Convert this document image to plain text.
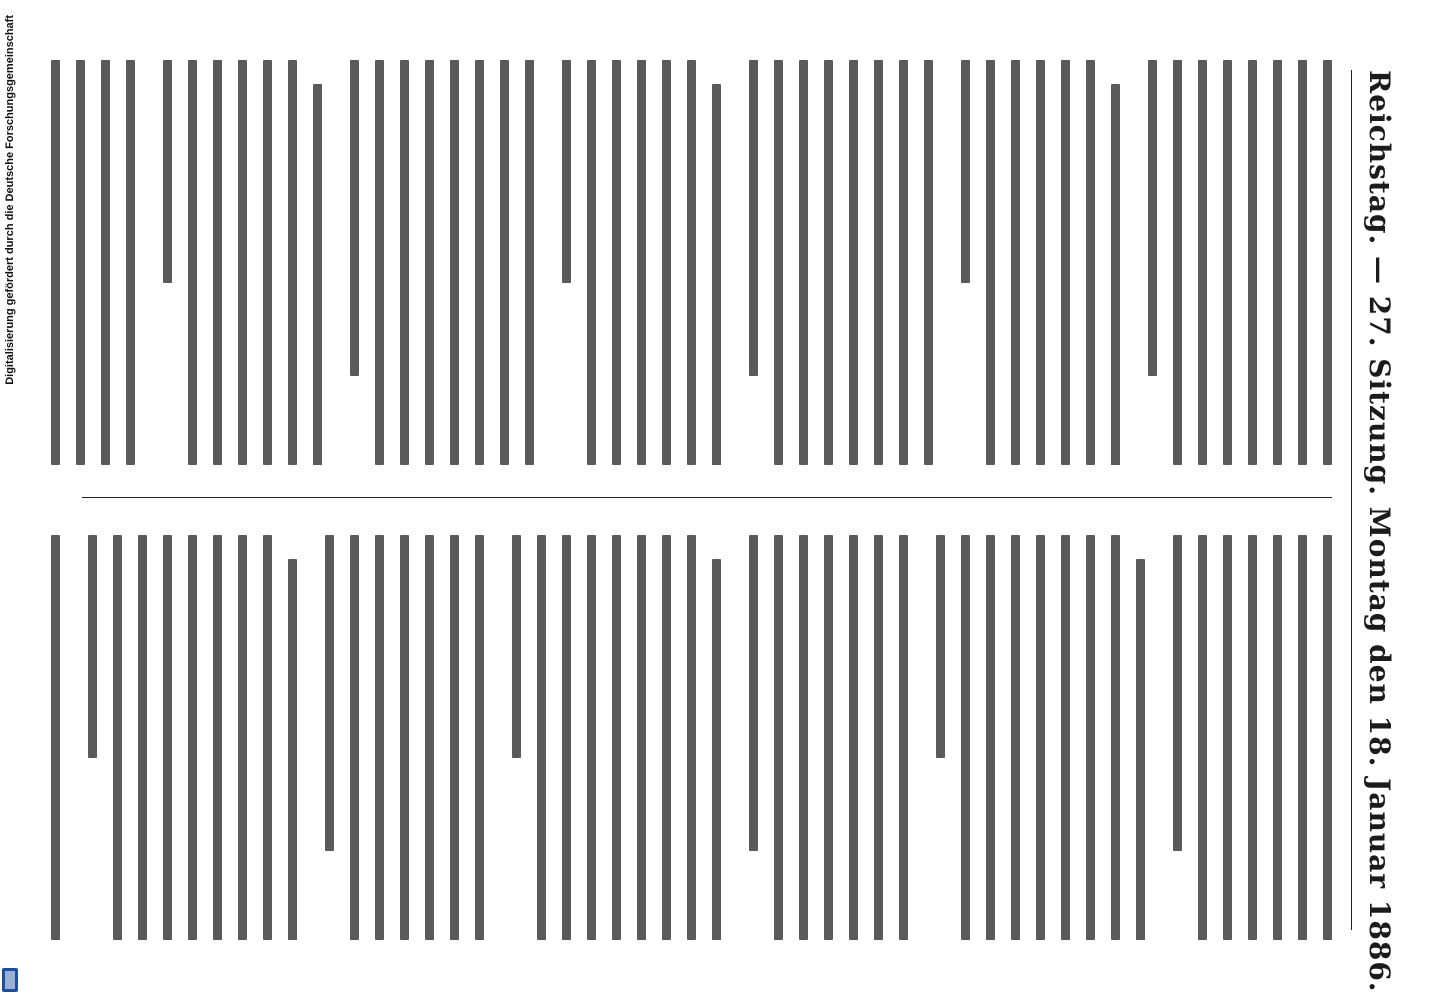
Reichstag. — 27. Sitzung. Montag den 18. Januar 1886.
Digitalisierung gefördert durch die Deutsche Forschungsgemeinschaft
